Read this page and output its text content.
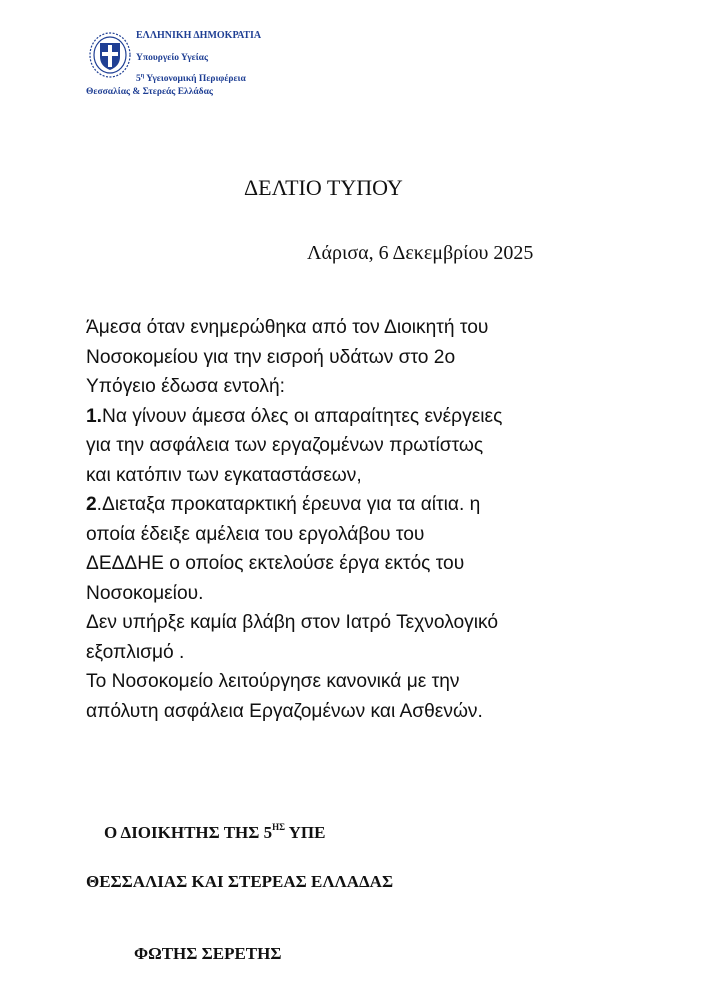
ΕΛΛΗΝΙΚΗ ΔΗΜΟΚΡΑΤΙΑ
Υπουργείο Υγείας
$5^\eta$ Υγειονομική Περιφέρεια
Θεσσαλίας & Στερεάς Ελλάδας
ΔΕΛΤΙΟ ΤΥΠΟΥ
Λάρισα, 6 Δεκεμβρίου 2025
Άμεσα όταν ενημερώθηκα από τον Διοικητή του
Νοσοκομείου για την εισροή υδάτων στο 2ο
Υπόγειο έδωσα εντολή:
1.Να γίνουν άμεσα όλες οι απαραίτητες ενέργειες
για την ασφάλεια των εργαζομένων πρωτίστως
και κατόπιν των εγκαταστάσεων,
2.Διεταξα προκαταρκτική έρευνα για τα αίτια. η
οποία έδειξε αμέλεια του εργολάβου του
ΔΕΔΔΗΕ ο οποίος εκτελούσε έργα εκτός του
Νοσοκομείου.
Δεν υπήρξε καμία βλάβη στον Ιατρό Τεχνολογικό
εξοπλισμό .
Το Νοσοκομείο λειτούργησε κανονικά με την
απόλυτη ασφάλεια Εργαζομένων και Ασθενών.
Ο ΔΙΟΙΚΗΤΗΣ ΤΗΣ $5^{H\Sigma}$ ΥΠΕ
ΘΕΣΣΑΛΙΑΣ ΚΑΙ ΣΤΕΡΕΑΣ ΕΛΛΑΔΑΣ
ΦΩΤΗΣ ΣΕΡΕΤΗΣ
